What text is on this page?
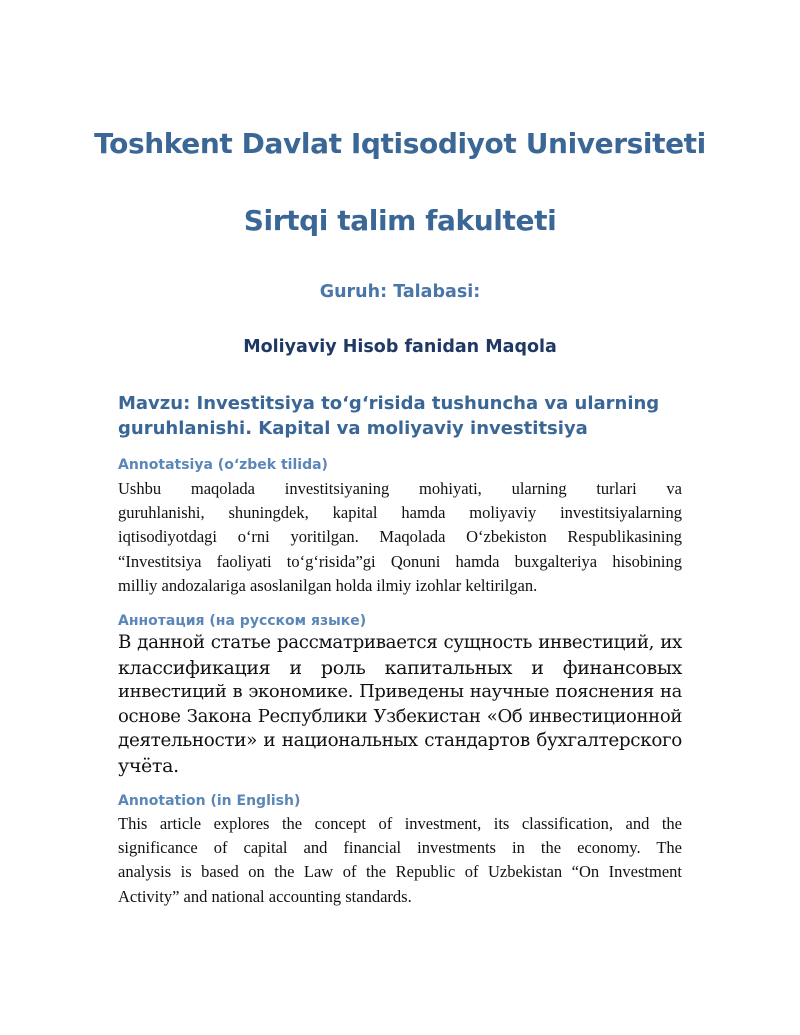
Toshkent Davlat Iqtisodiyot Universiteti
Sirtqi talim fakulteti
Guruh: Talabasi:
Moliyaviy Hisob fanidan Maqola
Mavzu: Investitsiya to‘g‘risida tushuncha va ularning
guruhlanishi. Kapital va moliyaviy investitsiya
Annotatsiya (oʻzbek tilida)
Ushbu maqolada investitsiyaning mohiyati, ularning turlari va
guruhlanishi, shuningdek, kapital hamda moliyaviy investitsiyalarning
iqtisodiyotdagi oʻrni yoritilgan. Maqolada Oʻzbekiston Respublikasining
“Investitsiya faoliyati toʻgʻrisida”gi Qonuni hamda buxgalteriya hisobining
milliy andozalariga asoslanilgan holda ilmiy izohlar keltirilgan.
Аннотация (на русском языке)
В данной статье рассматривается сущность инвестиций, их
классификация и роль капитальных и финансовых
инвестиций в экономике. Приведены научные пояснения на
основе Закона Республики Узбекистан «Об инвестиционной
деятельности» и национальных стандартов бухгалтерского
учёта.
Annotation (in English)
This article explores the concept of investment, its classification, and the
significance of capital and financial investments in the economy. The
analysis is based on the Law of the Republic of Uzbekistan “On Investment
Activity” and national accounting standards.
